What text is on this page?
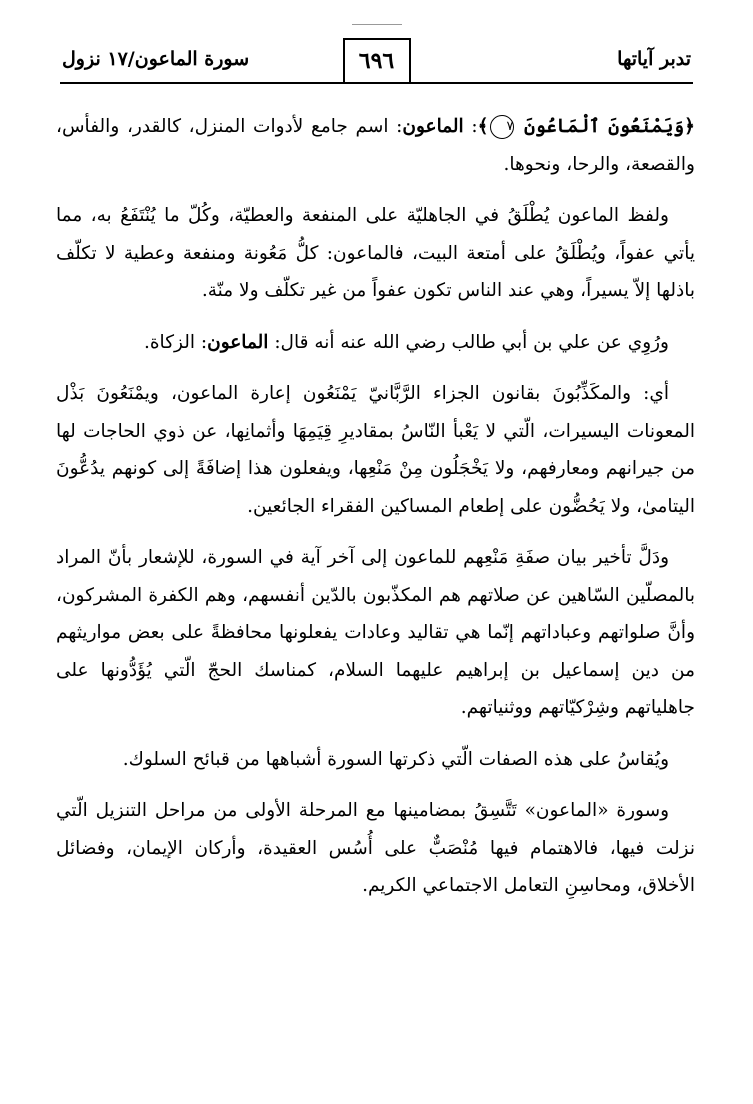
تدبر آياتها
٦٩٦
سورة الماعون/١٧ نزول

﴿وَيَمْنَعُونَ ٱلْمَاعُونَ ٧﴾: الماعون: اسم جامع لأدوات المنزل، كالقدر، والفأس، والقصعة، والرحا، ونحوها.

ولفظ الماعون يُطْلَقُ في الجاهليّة على المنفعة والعطيّة، وكُلّ ما يُنْتَفَعُ به، مما يأتي عفواً، ويُطْلَقُ على أمتعة البيت، فالماعون: كلُّ مَعُونة ومنفعة وعطية لا تكلّف باذلها إلاّ يسيراً، وهي عند الناس تكون عفواً من غير تكلّف ولا منّة.

ورُوِي عن علي بن أبي طالب رضي الله عنه أنه قال: الماعون: الزكاة.

أي: والمكَذِّبُونَ بقانون الجزاء الرَّبَّانيّ يَمْنَعُون إعارة الماعون، ويمْنَعُونَ بَذْل المعونات اليسيرات، الّتي لا يَعْبأ النّاسُ بمقاديرِ قِيَمِهَا وأثمانِها، عن ذوي الحاجات لها من جيرانهم ومعارفهم، ولا يَخْجَلُون مِنْ مَنْعِها، ويفعلون هذا إضافَةً إلى كونهم يدُعُّونَ اليتامىٰ، ولا يَحُضُّون على إطعام المساكين الفقراء الجائعين.

ودَلَّ تأخير بيان صفَةِ مَنْعِهم للماعون إلى آخر آية في السورة، للإشعار بأنّ المراد بالمصلّين السّاهين عن صلاتهم هم المكذّبون بالدّين أنفسهم، وهم الكفرة المشركون، وأنَّ صلواتهم وعباداتهم إنّما هي تقاليد وعادات يفعلونها محافظةً على بعض مواريثهم من دين إسماعيل بن إبراهيم عليهما السلام، كمناسك الحجّ الّتي يُؤَدُّونها على جاهلياتهم وشِرْكيّاتهم ووثنياتهم.

ويُقاسُ على هذه الصفات الّتي ذكرتها السورة أشباهها من قبائح السلوك.

وسورة «الماعون» تَتَّسِقُ بمضامينها مع المرحلة الأولى من مراحل التنزيل الّتي نزلت فيها، فالاهتمام فيها مُنْصَبٌّ على أُسُس العقيدة، وأركان الإيمان، وفضائل الأخلاق، ومحاسِنِ التعامل الاجتماعي الكريم.
